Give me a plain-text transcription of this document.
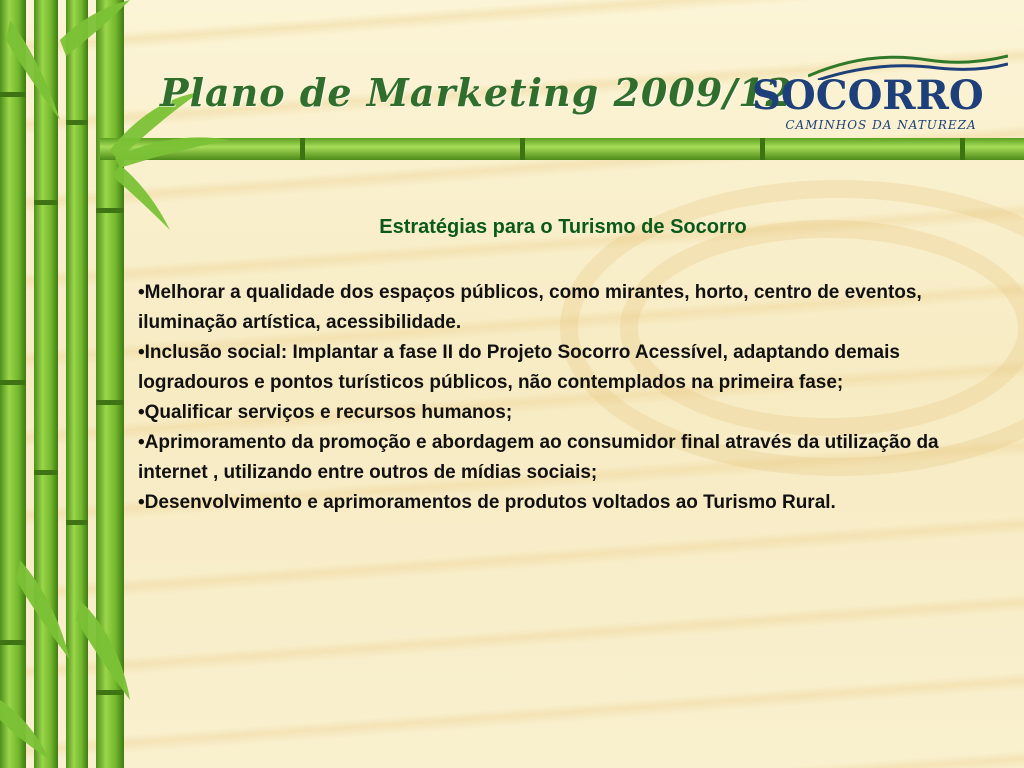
Plano de Marketing 2009/12
SOCORRO
CAMINHOS DA NATUREZA
Estratégias para o Turismo de Socorro
•Melhorar a qualidade dos espaços públicos, como mirantes, horto, centro de eventos, iluminação artística, acessibilidade.
•Inclusão social: Implantar a fase II do Projeto Socorro Acessível, adaptando demais logradouros e pontos turísticos públicos, não contemplados na primeira fase;
•Qualificar serviços e recursos humanos;
•Aprimoramento da promoção e abordagem ao consumidor final através da utilização da internet , utilizando entre outros de mídias sociais;
•Desenvolvimento e aprimoramentos de produtos voltados ao Turismo Rural.
